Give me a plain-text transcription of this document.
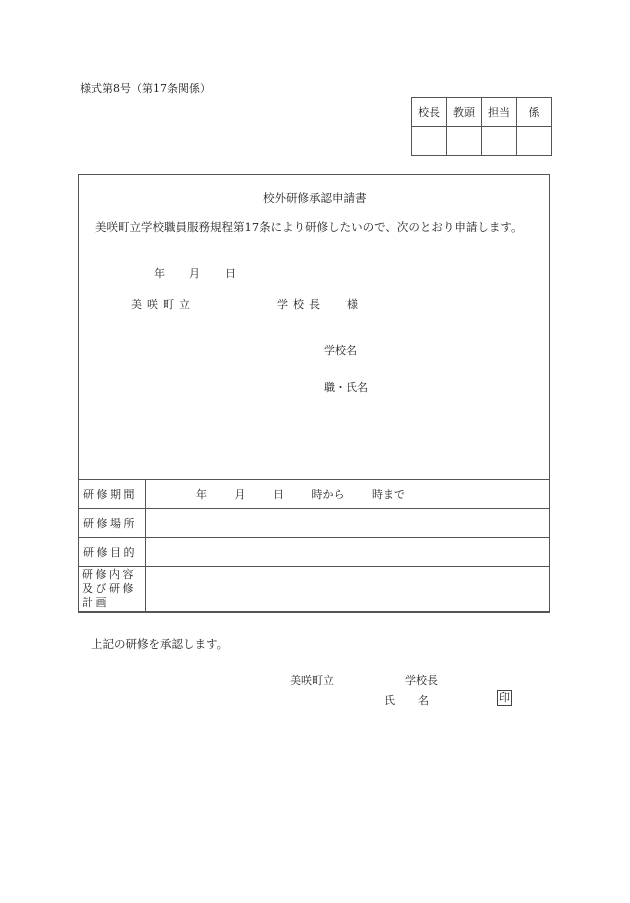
様式第8号（第17条関係）
校長	教頭	担当	係

校外研修承認申請書
美咲町立学校職員服務規程第17条により研修したいので、次のとおり申請します。
年 月 日
美咲町立	学校長 様
学校名
職・氏名
研修期間	年 月 日 時から 時まで
研修場所	
研修目的	
研修内容及び研修計画	
上記の研修を承認します。
美咲町立	学校長
氏 名	印
